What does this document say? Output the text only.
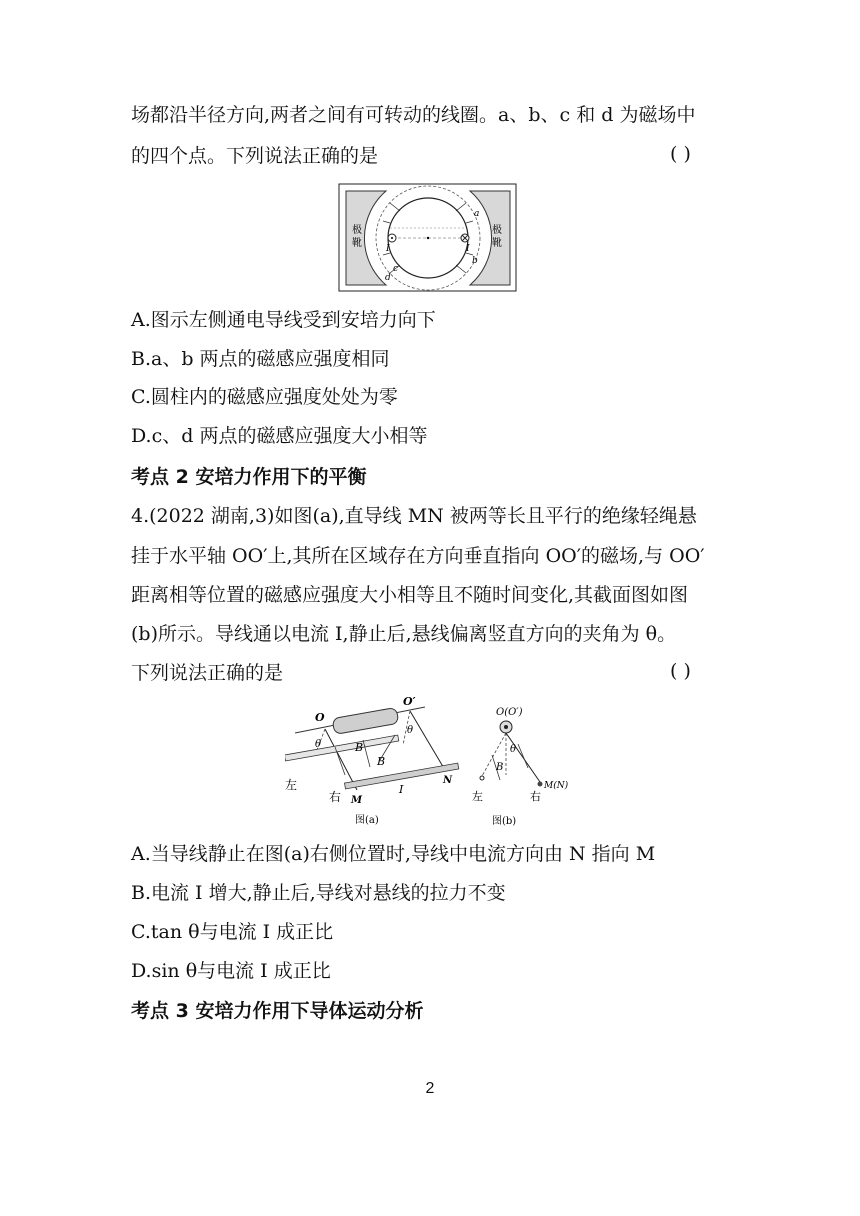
场都沿半径方向,两者之间有可转动的线圈。a、b、c 和 d 为磁场中
的四个点。下列说法正确的是	( )
极
靴
极
靴
a
b
c
d
I	I
A.图示左侧通电导线受到安培力向下
B.a、b 两点的磁感应强度相同
C.圆柱内的磁感应强度处处为零
D.c、d 两点的磁感应强度大小相等
考点 2 安培力作用下的平衡
4.(2022 湖南,3)如图(a),直导线 MN 被两等长且平行的绝缘轻绳悬
挂于水平轴 OO′上,其所在区域存在方向垂直指向 OO′的磁场,与 OO′
距离相等位置的磁感应强度大小相等且不随时间变化,其截面图如图
(b)所示。导线通以电流 I,静止后,悬线偏离竖直方向的夹角为 θ。
下列说法正确的是	( )
O
O′
θ
θ
B
B
左
右 M
N
I
图(a)
O(O′)
θ
B
左	右
M(N)
图(b)
A.当导线静止在图(a)右侧位置时,导线中电流方向由 N 指向 M
B.电流 I 增大,静止后,导线对悬线的拉力不变
C.tan θ与电流 I 成正比
D.sin θ与电流 I 成正比
考点 3 安培力作用下导体运动分析
2
